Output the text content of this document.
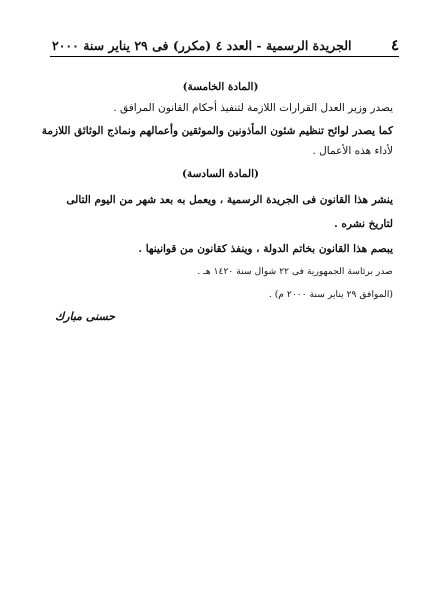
٤
الجريدة الرسمية - العدد ٤ (مكرر) فى ٢٩ يناير سنة ٢٠٠٠
(المادة الخامسة)
يصدر وزير العدل القرارات اللازمة لتنفيذ أحكام القانون المرافق .
كما يصدر لوائح تنظيم شئون المأذونين والموثقين وأعمالهم ونماذج الوثائق اللازمة
لأداء هذه الأعمال .
(المادة السادسة)
ينشر هذا القانون فى الجريدة الرسمية ، ويعمل به بعد شهر من اليوم التالى
لتاريخ نشره .
يبصم هذا القانون بخاتم الدولة ، وينفذ كقانون من قوانينها .
صدر برئاسة الجمهورية فى ٢٢ شوال سنة ١٤٢٠ هـ .
(الموافق ٢٩ يناير سنة ٢٠٠٠ م) .
حسنى مبارك
